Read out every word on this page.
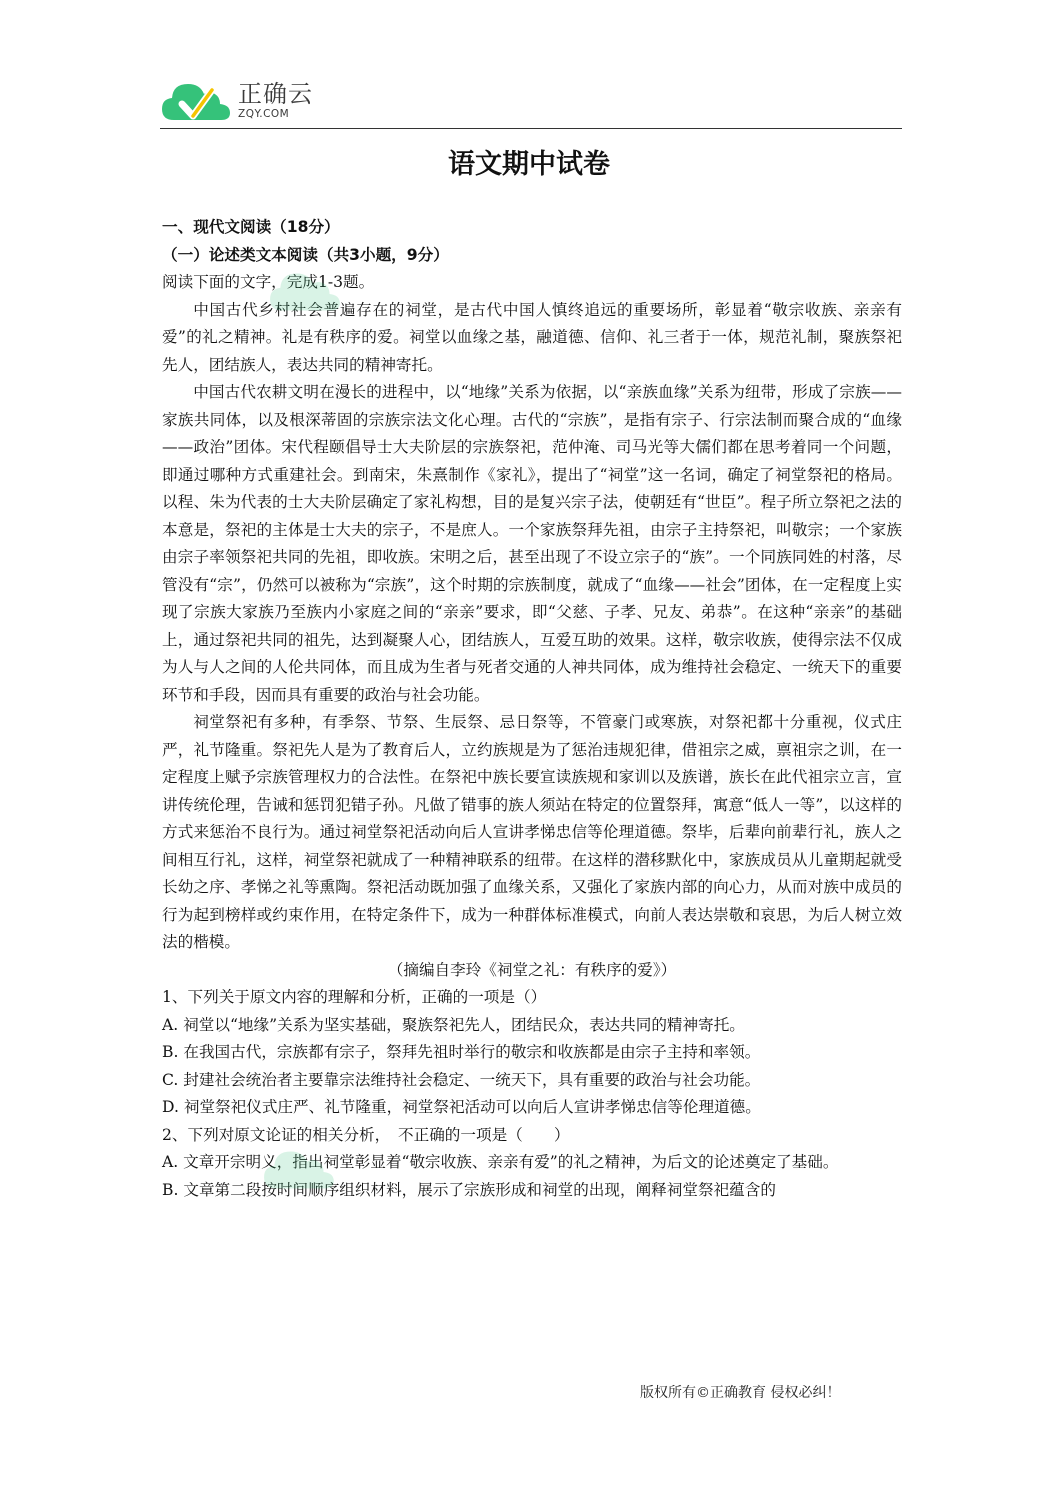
正确云
ZQY.COM
语文期中试卷

一、现代文阅读（18分）

（一）论述类文本阅读（共3小题，9分）

阅读下面的文字，完成1-3题。

中国古代乡村社会普遍存在的祠堂，是古代中国人慎终追远的重要场所，彰显着“敬宗收族、亲亲有爱”的礼之精神。礼是有秩序的爱。祠堂以血缘之基，融道德、信仰、礼三者于一体，规范礼制，聚族祭祀先人，团结族人，表达共同的精神寄托。

中国古代农耕文明在漫长的进程中，以“地缘”关系为依据，以“亲族血缘”关系为纽带，形成了宗族——家族共同体，以及根深蒂固的宗族宗法文化心理。古代的“宗族”，是指有宗子、行宗法制而聚合成的“血缘——政治”团体。宋代程颐倡导士大夫阶层的宗族祭祀，范仲淹、司马光等大儒们都在思考着同一个问题，即通过哪种方式重建社会。到南宋，朱熹制作《家礼》，提出了“祠堂”这一名词，确定了祠堂祭祀的格局。以程、朱为代表的士大夫阶层确定了家礼构想，目的是复兴宗子法，使朝廷有“世臣”。程子所立祭祀之法的本意是，祭祀的主体是士大夫的宗子，不是庶人。一个家族祭拜先祖，由宗子主持祭祀，叫敬宗；一个家族由宗子率领祭祀共同的先祖，即收族。宋明之后，甚至出现了不设立宗子的“族”。一个同族同姓的村落，尽管没有“宗”，仍然可以被称为“宗族”，这个时期的宗族制度，就成了“血缘——社会”团体，在一定程度上实现了宗族大家族乃至族内小家庭之间的“亲亲”要求，即“父慈、子孝、兄友、弟恭”。在这种“亲亲”的基础上，通过祭祀共同的祖先，达到凝聚人心，团结族人，互爱互助的效果。这样，敬宗收族，使得宗法不仅成为人与人之间的人伦共同体，而且成为生者与死者交通的人神共同体，成为维持社会稳定、一统天下的重要环节和手段，因而具有重要的政治与社会功能。

祠堂祭祀有多种，有季祭、节祭、生辰祭、忌日祭等，不管豪门或寒族，对祭祀都十分重视，仪式庄严，礼节隆重。祭祀先人是为了教育后人，立约族规是为了惩治违规犯律，借祖宗之威，禀祖宗之训，在一定程度上赋予宗族管理权力的合法性。在祭祀中族长要宣读族规和家训以及族谱，族长在此代祖宗立言，宣讲传统伦理，告诫和惩罚犯错子孙。凡做了错事的族人须站在特定的位置祭拜，寓意“低人一等”，以这样的方式来惩治不良行为。通过祠堂祭祀活动向后人宣讲孝悌忠信等伦理道德。祭毕，后辈向前辈行礼，族人之间相互行礼，这样，祠堂祭祀就成了一种精神联系的纽带。在这样的潜移默化中，家族成员从儿童期起就受长幼之序、孝悌之礼等熏陶。祭祀活动既加强了血缘关系，又强化了家族内部的向心力，从而对族中成员的行为起到榜样或约束作用，在特定条件下，成为一种群体标准模式，向前人表达崇敬和哀思，为后人树立效法的楷模。

（摘编自李玲《祠堂之礼：有秩序的爱》）

1、下列关于原文内容的理解和分析，正确的一项是（）

A. 祠堂以“地缘”关系为坚实基础，聚族祭祀先人，团结民众，表达共同的精神寄托。

B. 在我国古代，宗族都有宗子，祭拜先祖时举行的敬宗和收族都是由宗子主持和率领。

C. 封建社会统治者主要靠宗法维持社会稳定、一统天下，具有重要的政治与社会功能。

D. 祠堂祭祀仪式庄严、礼节隆重，祠堂祭祀活动可以向后人宣讲孝悌忠信等伦理道德。

2、下列对原文论证的相关分析，　不正确的一项是（　　）

A. 文章开宗明义，指出祠堂彰显着“敬宗收族、亲亲有爱”的礼之精神，为后文的论述奠定了基础。

B. 文章第二段按时间顺序组织材料，展示了宗族形成和祠堂的出现，阐释祠堂祭祀蕴含的

版权所有©正确教育 侵权必纠！
